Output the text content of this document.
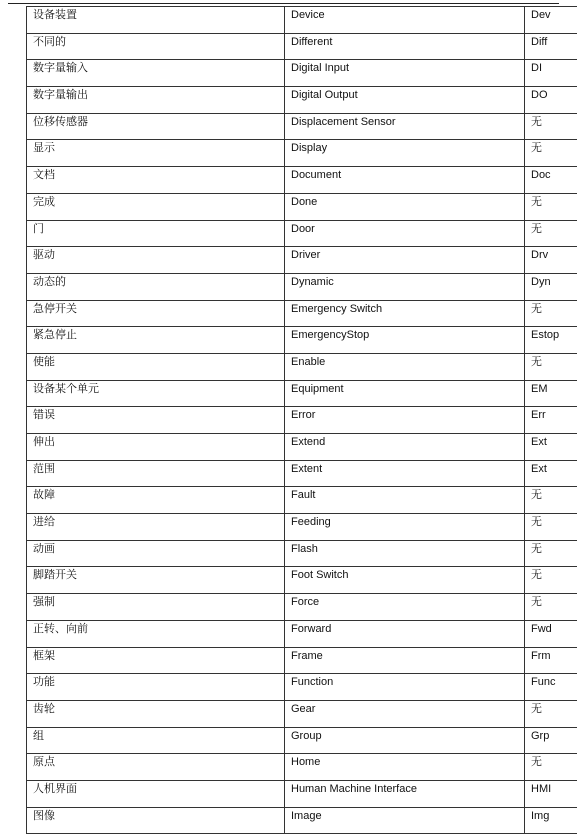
设备装置	Device	Dev
不同的	Different	Diff
数字量输入	Digital Input	DI
数字量输出	Digital Output	DO
位移传感器	Displacement Sensor	无
显示	Display	无
文档	Document	Doc
完成	Done	无
门	Door	无
驱动	Driver	Drv
动态的	Dynamic	Dyn
急停开关	Emergency Switch	无
紧急停止	EmergencyStop	Estop
使能	Enable	无
设备某个单元	Equipment	EM
错误	Error	Err
伸出	Extend	Ext
范围	Extent	Ext
故障	Fault	无
进给	Feeding	无
动画	Flash	无
脚踏开关	Foot Switch	无
强制	Force	无
正转、向前	Forward	Fwd
框架	Frame	Frm
功能	Function	Func
齿轮	Gear	无
组	Group	Grp
原点	Home	无
人机界面	Human Machine Interface	HMI
图像	Image	Img
